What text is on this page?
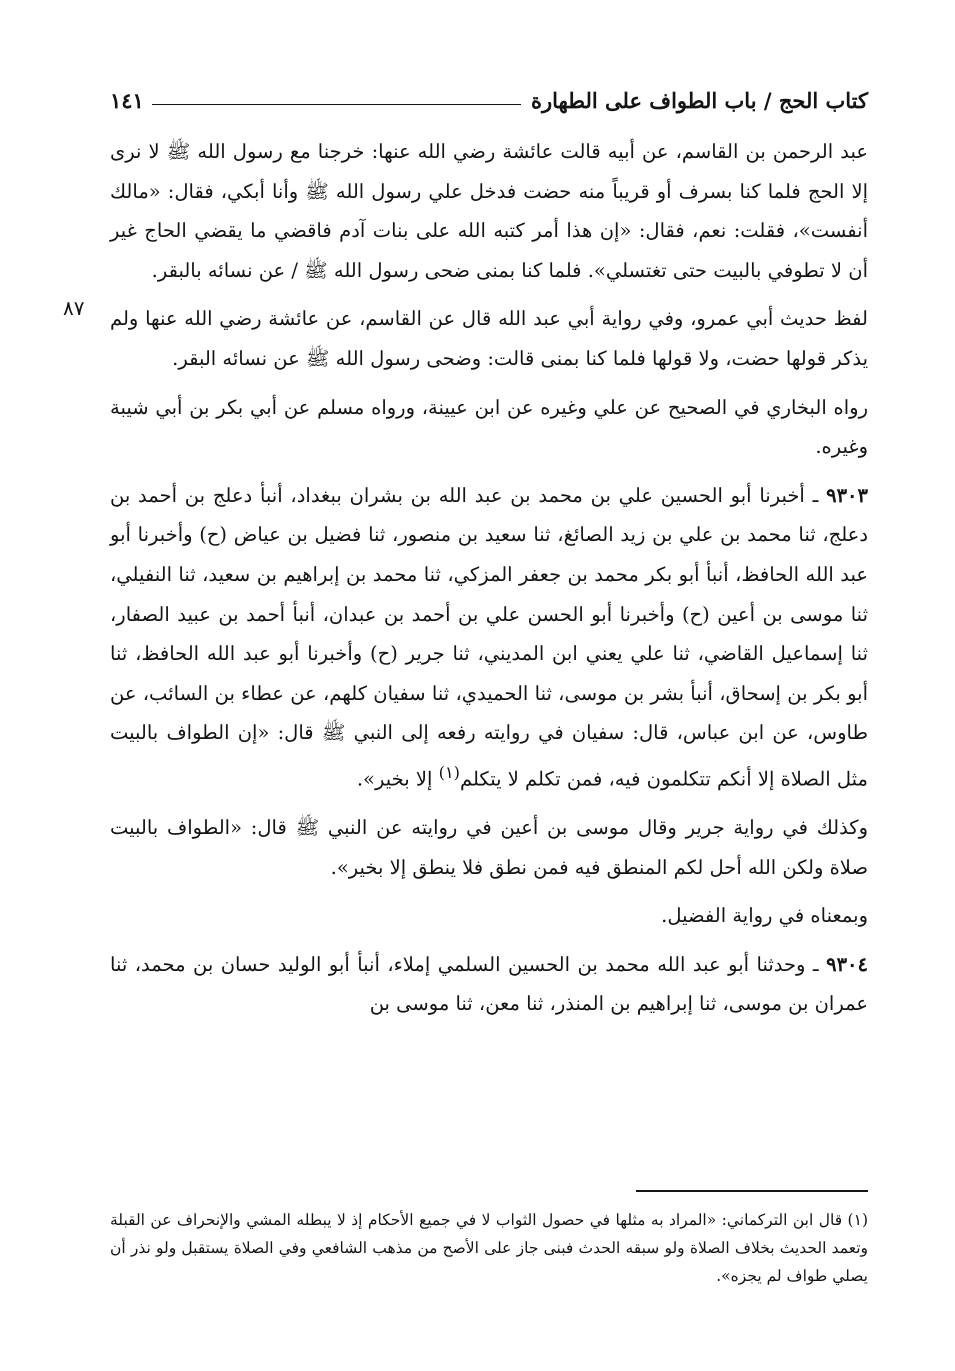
كتاب الحج / باب الطواف على الطهارة
١٤١
٨٧

عبد الرحمن بن القاسم، عن أبيه قالت عائشة رضي الله عنها: خرجنا مع رسول الله ﷺ لا نرى إلا الحج فلما كنا بسرف أو قريباً منه حضت فدخل علي رسول الله ﷺ وأنا أبكي، فقال: «مالك أنفست»، فقلت: نعم، فقال: «إن هذا أمر كتبه الله على بنات آدم فاقضي ما يقضي الحاج غير أن لا تطوفي بالبيت حتى تغتسلي». فلما كنا بمنى ضحى رسول الله ﷺ / عن نسائه بالبقر.

لفظ حديث أبي عمرو، وفي رواية أبي عبد الله قال عن القاسم، عن عائشة رضي الله عنها ولم يذكر قولها حضت، ولا قولها فلما كنا بمنى قالت: وضحى رسول الله ﷺ عن نسائه البقر.

رواه البخاري في الصحيح عن علي وغيره عن ابن عيينة، ورواه مسلم عن أبي بكر بن أبي شيبة وغيره.

٩٣٠٣ ـ أخبرنا أبو الحسين علي بن محمد بن عبد الله بن بشران ببغداد، أنبأ دعلج بن أحمد بن دعلج، ثنا محمد بن علي بن زيد الصائغ، ثنا سعيد بن منصور، ثنا فضيل بن عياض (ح) وأخبرنا أبو عبد الله الحافظ، أنبأ أبو بكر محمد بن جعفر المزكي، ثنا محمد بن إبراهيم بن سعيد، ثنا النفيلي، ثنا موسى بن أعين (ح) وأخبرنا أبو الحسن علي بن أحمد بن عبدان، أنبأ أحمد بن عبيد الصفار، ثنا إسماعيل القاضي، ثنا علي يعني ابن المديني، ثنا جرير (ح) وأخبرنا أبو عبد الله الحافظ، ثنا أبو بكر بن إسحاق، أنبأ بشر بن موسى، ثنا الحميدي، ثنا سفيان كلهم، عن عطاء بن السائب، عن طاوس، عن ابن عباس، قال: سفيان في روايته رفعه إلى النبي ﷺ قال: «إن الطواف بالبيت مثل الصلاة إلا أنكم تتكلمون فيه، فمن تكلم لا يتكلم$^{(١)}$ إلا بخير».

وكذلك في رواية جرير وقال موسى بن أعين في روايته عن النبي ﷺ قال: «الطواف بالبيت صلاة ولكن الله أحل لكم المنطق فيه فمن نطق فلا ينطق إلا بخير».

وبمعناه في رواية الفضيل.

٩٣٠٤ ـ وحدثنا أبو عبد الله محمد بن الحسين السلمي إملاء، أنبأ أبو الوليد حسان بن محمد، ثنا عمران بن موسى، ثنا إبراهيم بن المنذر، ثنا معن، ثنا موسى بن

(١) قال ابن التركماني: «المراد به مثلها في حصول الثواب لا في جميع الأحكام إذ لا يبطله المشي والإنحراف عن القبلة وتعمد الحديث بخلاف الصلاة ولو سبقه الحدث فبنى جاز على الأصح من مذهب الشافعي وفي الصلاة يستقبل ولو نذر أن يصلي طواف لم يجزه».
